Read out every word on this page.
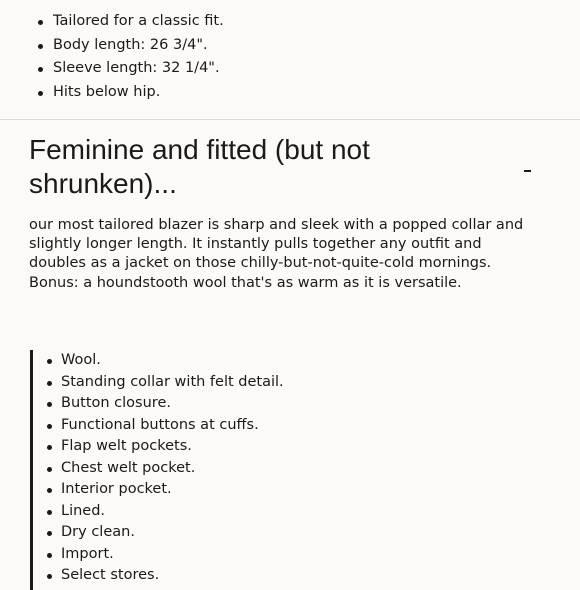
Tailored for a classic fit.
Body length: 26 3/4".
Sleeve length: 32 1/4".
Hits below hip.
Feminine and fitted (but not shrunken)...

our most tailored blazer is sharp and sleek with a popped collar and slightly longer length. It instantly pulls together any outfit and doubles as a jacket on those chilly-but-not-quite-cold mornings. Bonus: a houndstooth wool that's as warm as it is versatile.

Wool.
Standing collar with felt detail.
Button closure.
Functional buttons at cuffs.
Flap welt pockets.
Chest welt pocket.
Interior pocket.
Lined.
Dry clean.
Import.
Select stores.
